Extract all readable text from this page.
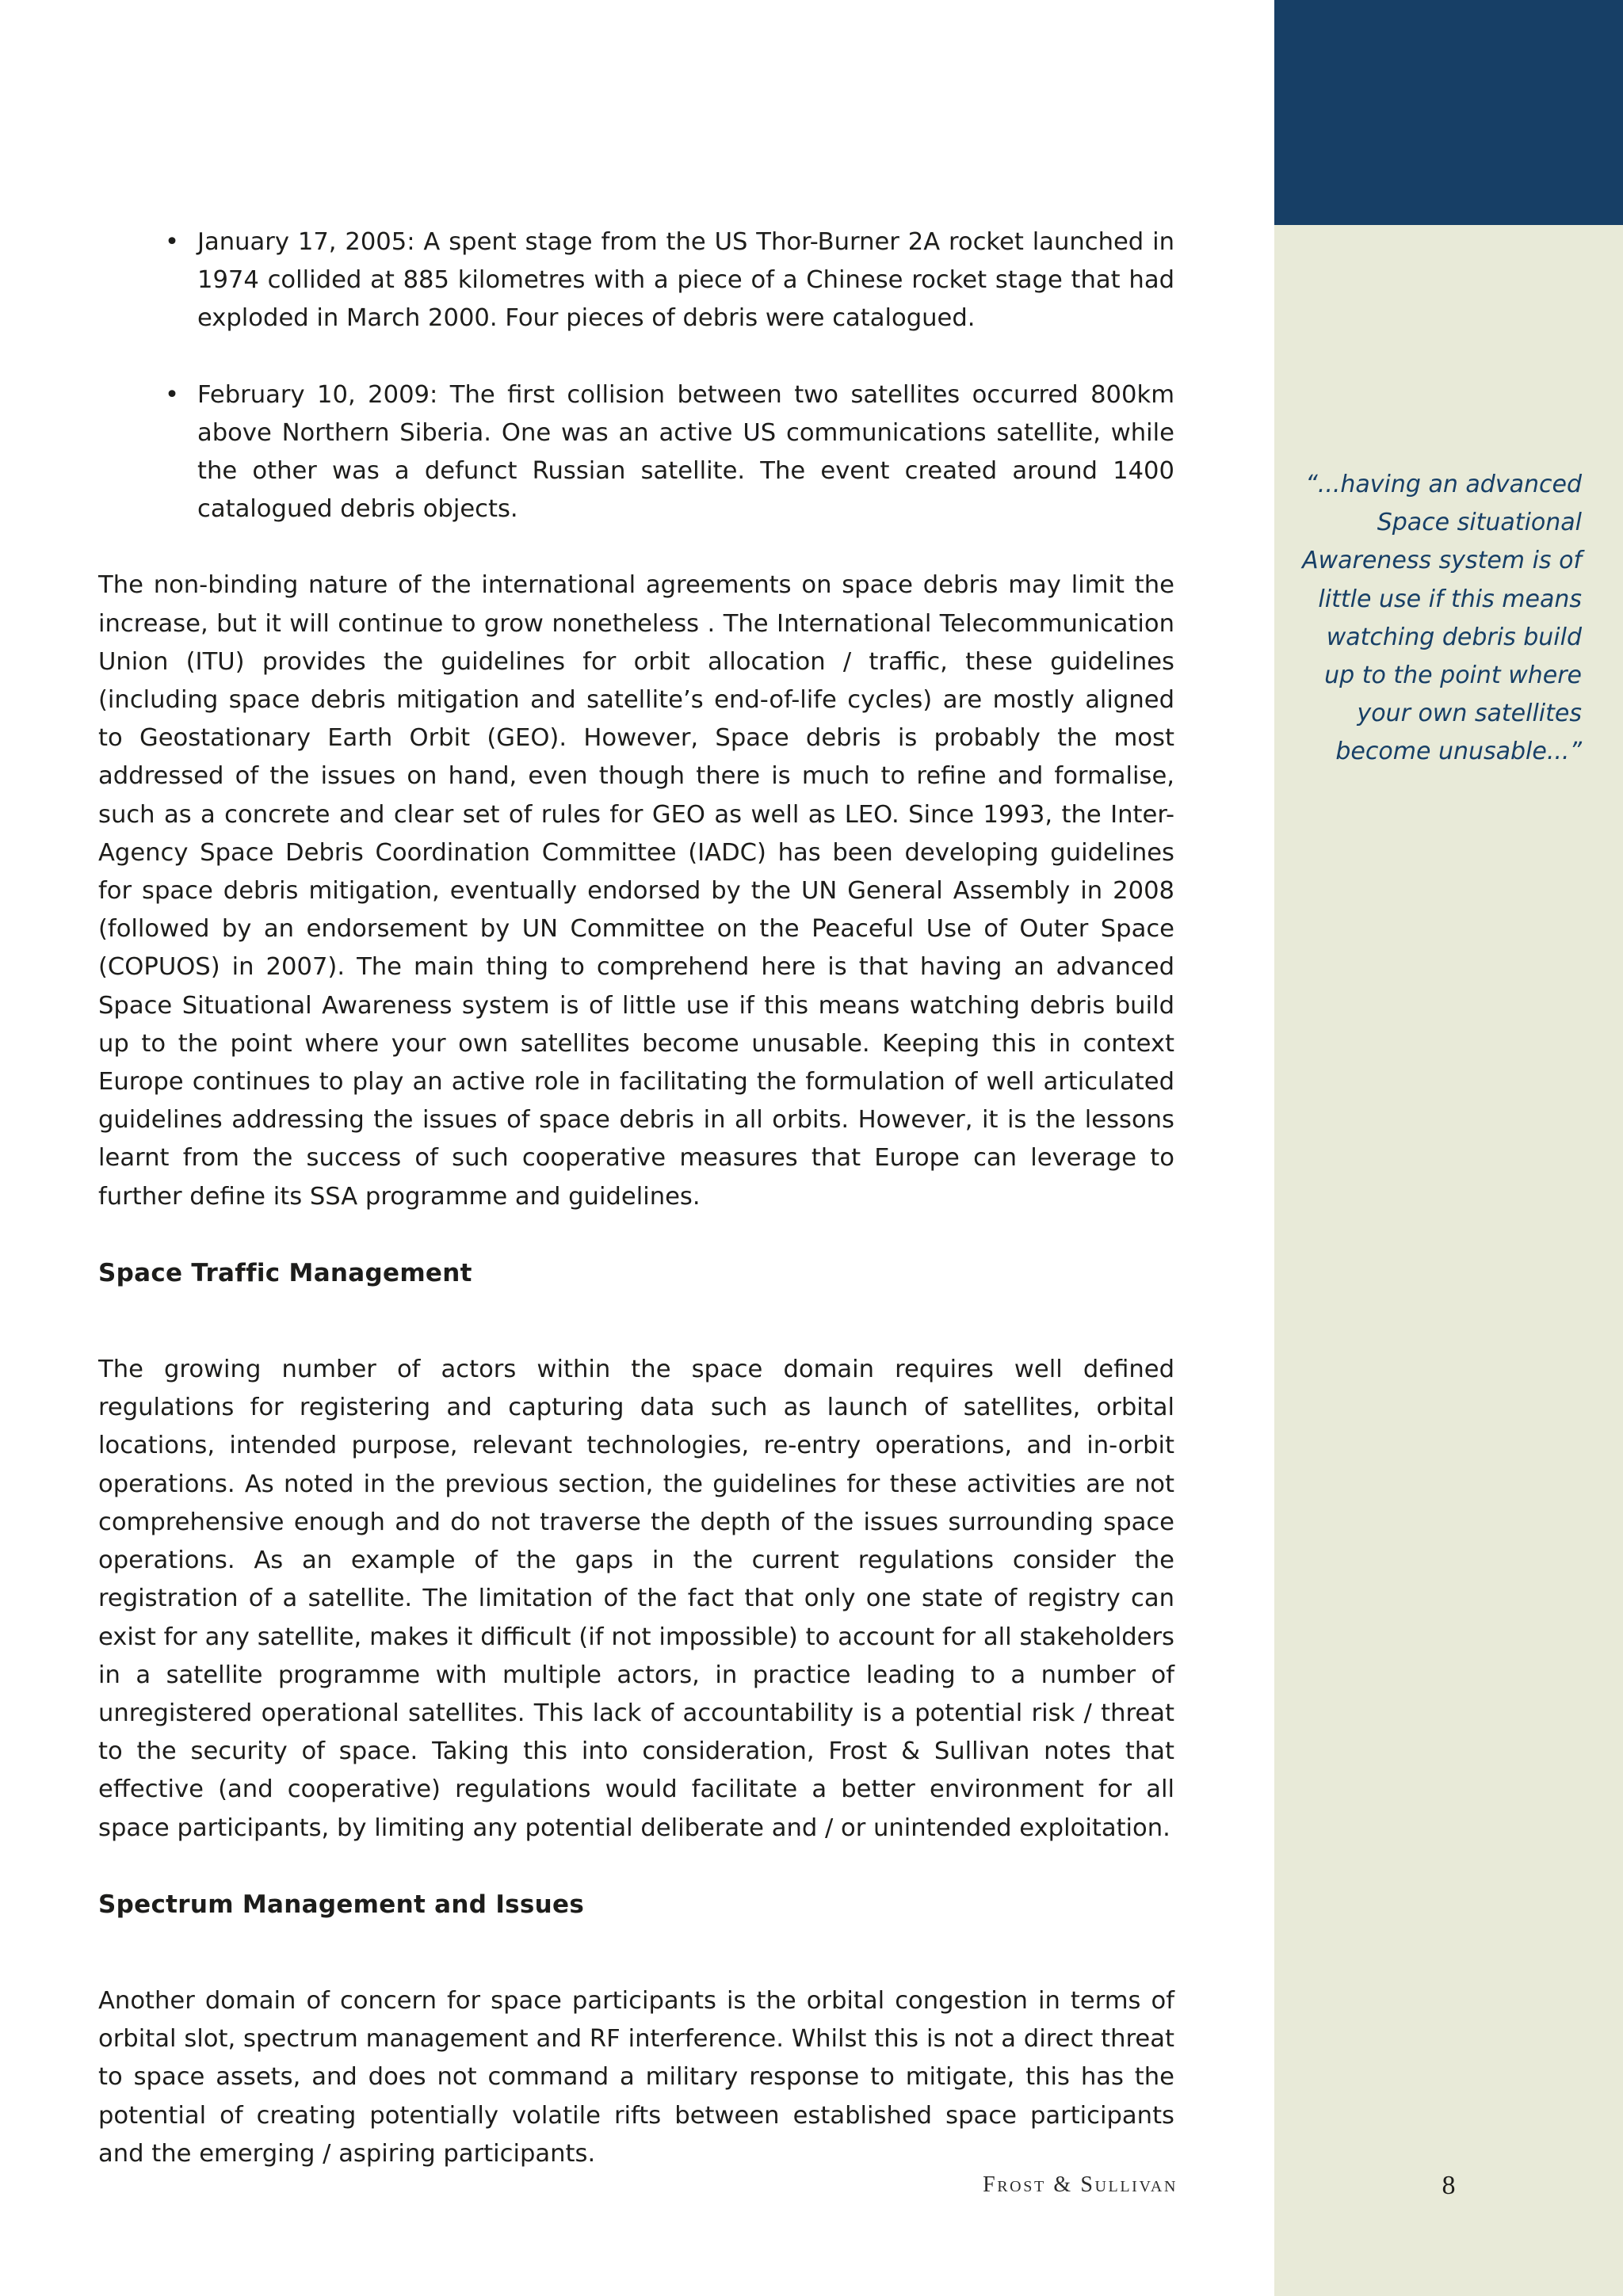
“...having an advanced Space situational Awareness system is of little use if this means watching debris build up to the point where your own satellites become unusable...”
8
• January 17, 2005: A spent stage from the US Thor-Burner 2A rocket launched in 1974 collided at 885 kilometres with a piece of a Chinese rocket stage that had exploded in March 2000. Four pieces of debris were catalogued.
• February 10, 2009: The first collision between two satellites occurred 800km above Northern Siberia. One was an active US communications satellite, while the other was a defunct Russian satellite. The event created around 1400 catalogued debris objects.

The non-binding nature of the international agreements on space debris may limit the increase, but it will continue to grow nonetheless . The International Telecommunication Union (ITU) provides the guidelines for orbit allocation / traffic, these guidelines (including space debris mitigation and satellite’s end-of-life cycles) are mostly aligned to Geostationary Earth Orbit (GEO). However, Space debris is probably the most addressed of the issues on hand, even though there is much to refine and formalise, such as a concrete and clear set of rules for GEO as well as LEO. Since 1993, the Inter-Agency Space Debris Coordination Committee (IADC) has been developing guidelines for space debris mitigation, eventually endorsed by the UN General Assembly in 2008 (followed by an endorsement by UN Committee on the Peaceful Use of Outer Space (COPUOS) in 2007). The main thing to comprehend here is that having an advanced Space Situational Awareness system is of little use if this means watching debris build up to the point where your own satellites become unusable. Keeping this in context Europe continues to play an active role in facilitating the formulation of well articulated guidelines addressing the issues of space debris in all orbits. However, it is the lessons learnt from the success of such cooperative measures that Europe can leverage to further define its SSA programme and guidelines.

Space Traffic Management

The growing number of actors within the space domain requires well defined regulations for registering and capturing data such as launch of satellites, orbital locations, intended purpose, relevant technologies, re-entry operations, and in-orbit operations. As noted in the previous section, the guidelines for these activities are not comprehensive enough and do not traverse the depth of the issues surrounding space operations. As an example of the gaps in the current regulations consider the registration of a satellite. The limitation of the fact that only one state of registry can exist for any satellite, makes it difficult (if not impossible) to account for all stakeholders in a satellite programme with multiple actors, in practice leading to a number of unregistered operational satellites. This lack of accountability is a potential risk / threat to the security of space. Taking this into consideration, Frost & Sullivan notes that effective (and cooperative) regulations would facilitate a better environment for all space participants, by limiting any potential deliberate and / or unintended exploitation.

Spectrum Management and Issues

Another domain of concern for space participants is the orbital congestion in terms of orbital slot, spectrum management and RF interference. Whilst this is not a direct threat to space assets, and does not command a military response to mitigate, this has the potential of creating potentially volatile rifts between established space participants and the emerging / aspiring participants.

Frost & Sullivan
